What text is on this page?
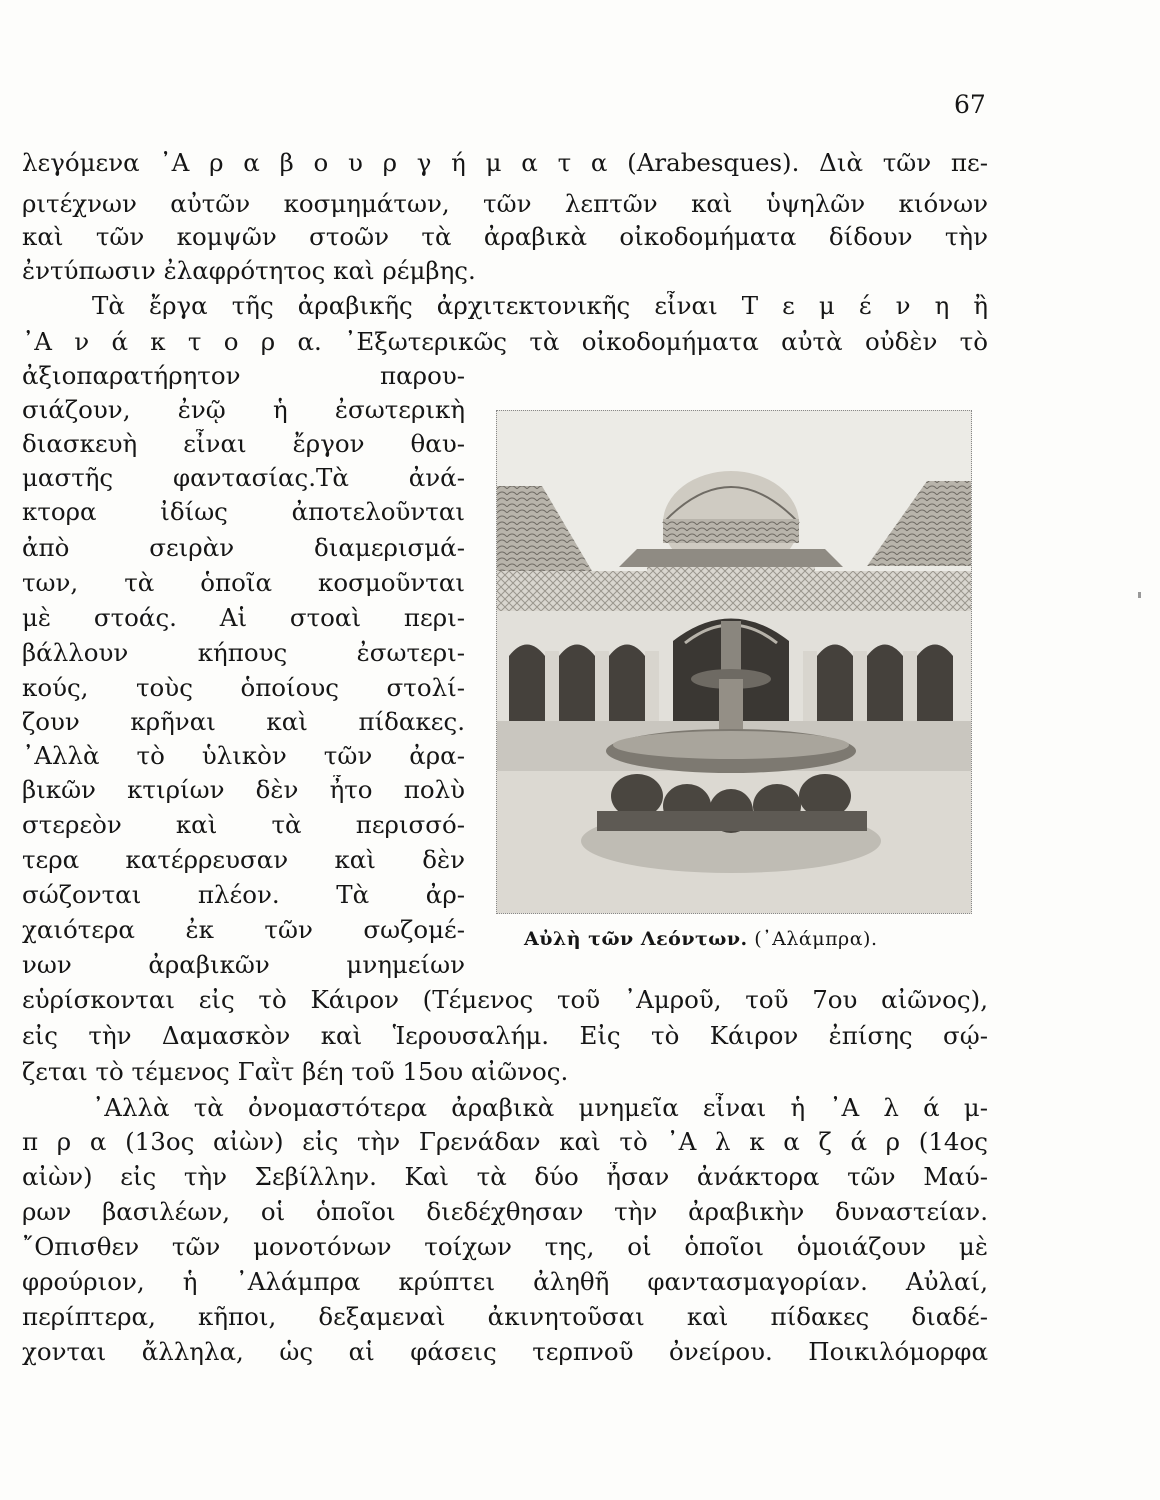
67
λεγόμενα ᾿Α ρ α β ο υ ρ γ ή μ α τ α (Arabesques). Διὰ τῶν πε-
ριτέχνων αὐτῶν κοσμημάτων, τῶν λεπτῶν καὶ ὑψηλῶν κιόνων
καὶ τῶν κομψῶν στοῶν τὰ ἀραβικὰ οἰκοδομήματα δίδουν τὴν
ἐντύπωσιν ἐλαφρότητος καὶ ρέμβης.
Τὰ ἔργα τῆς ἀραβικῆς ἀρχιτεκτονικῆς εἶναι Τ ε μ έ ν η ἢ
᾿Α ν ά κ τ ο ρ α. ᾿Εξωτερικῶς τὰ οἰκοδομήματα αὐτὰ οὐδὲν τὸ
ἀξιοπαρατήρητον παρου-
σιάζουν, ἐνῷ ἡ ἐσωτερικὴ
διασκευὴ εἶναι ἔργον θαυ-
μαστῆς φαντασίας.Τὰ ἀνά-
κτορα ἰδίως ἀποτελοῦνται
ἀπὸ σειρὰν διαμερισμά-
των, τὰ ὁποῖα κοσμοῦνται
μὲ στοάς. Αἱ στοαὶ περι-
βάλλουν κήπους ἐσωτερι-
κούς, τοὺς ὁποίους στολί-
ζουν κρῆναι καὶ πίδακες.
᾿Αλλὰ τὸ ὑλικὸν τῶν ἀρα-
βικῶν κτιρίων δὲν ἦτο πολὺ
στερεὸν καὶ τὰ περισσό-
τερα κατέρρευσαν καὶ δὲν
σώζονται πλέον. Τὰ ἀρ-
χαιότερα ἐκ τῶν σωζομέ-
νων ἀραβικῶν μνημείων
Αὐλὴ τῶν Λεόντων. (᾿Αλάμπρα).
εὑρίσκονται εἰς τὸ Κάιρον (Τέμενος τοῦ ᾿Αμροῦ, τοῦ 7ου αἰῶνος),
εἰς τὴν Δαμασκὸν καὶ Ἱερουσαλήμ. Εἰς τὸ Κάιρον ἐπίσης σῴ-
ζεται τὸ τέμενος Γαῒτ βέη τοῦ 15ου αἰῶνος.
᾿Αλλὰ τὰ ὀνομαστότερα ἀραβικὰ μνημεῖα εἶναι ἡ ᾿Α λ ά μ-
π ρ α (13ος αἰὼν) εἰς τὴν Γρενάδαν καὶ τὸ ᾿Α λ κ α ζ ά ρ (14ος
αἰὼν) εἰς τὴν Σεβίλλην. Καὶ τὰ δύο ἦσαν ἀνάκτορα τῶν Μαύ-
ρων βασιλέων, οἱ ὁποῖοι διεδέχθησαν τὴν ἀραβικὴν δυναστείαν.
῎Οπισθεν τῶν μονοτόνων τοίχων της, οἱ ὁποῖοι ὁμοιάζουν μὲ
φρούριον, ἡ ᾿Αλάμπρα κρύπτει ἀληθῆ φαντασμαγορίαν. Αὐλαί,
περίπτερα, κῆποι, δεξαμεναὶ ἀκινητοῦσαι καὶ πίδακες διαδέ-
χονται ἄλληλα, ὡς αἱ φάσεις τερπνοῦ ὀνείρου. Ποικιλόμορφα
